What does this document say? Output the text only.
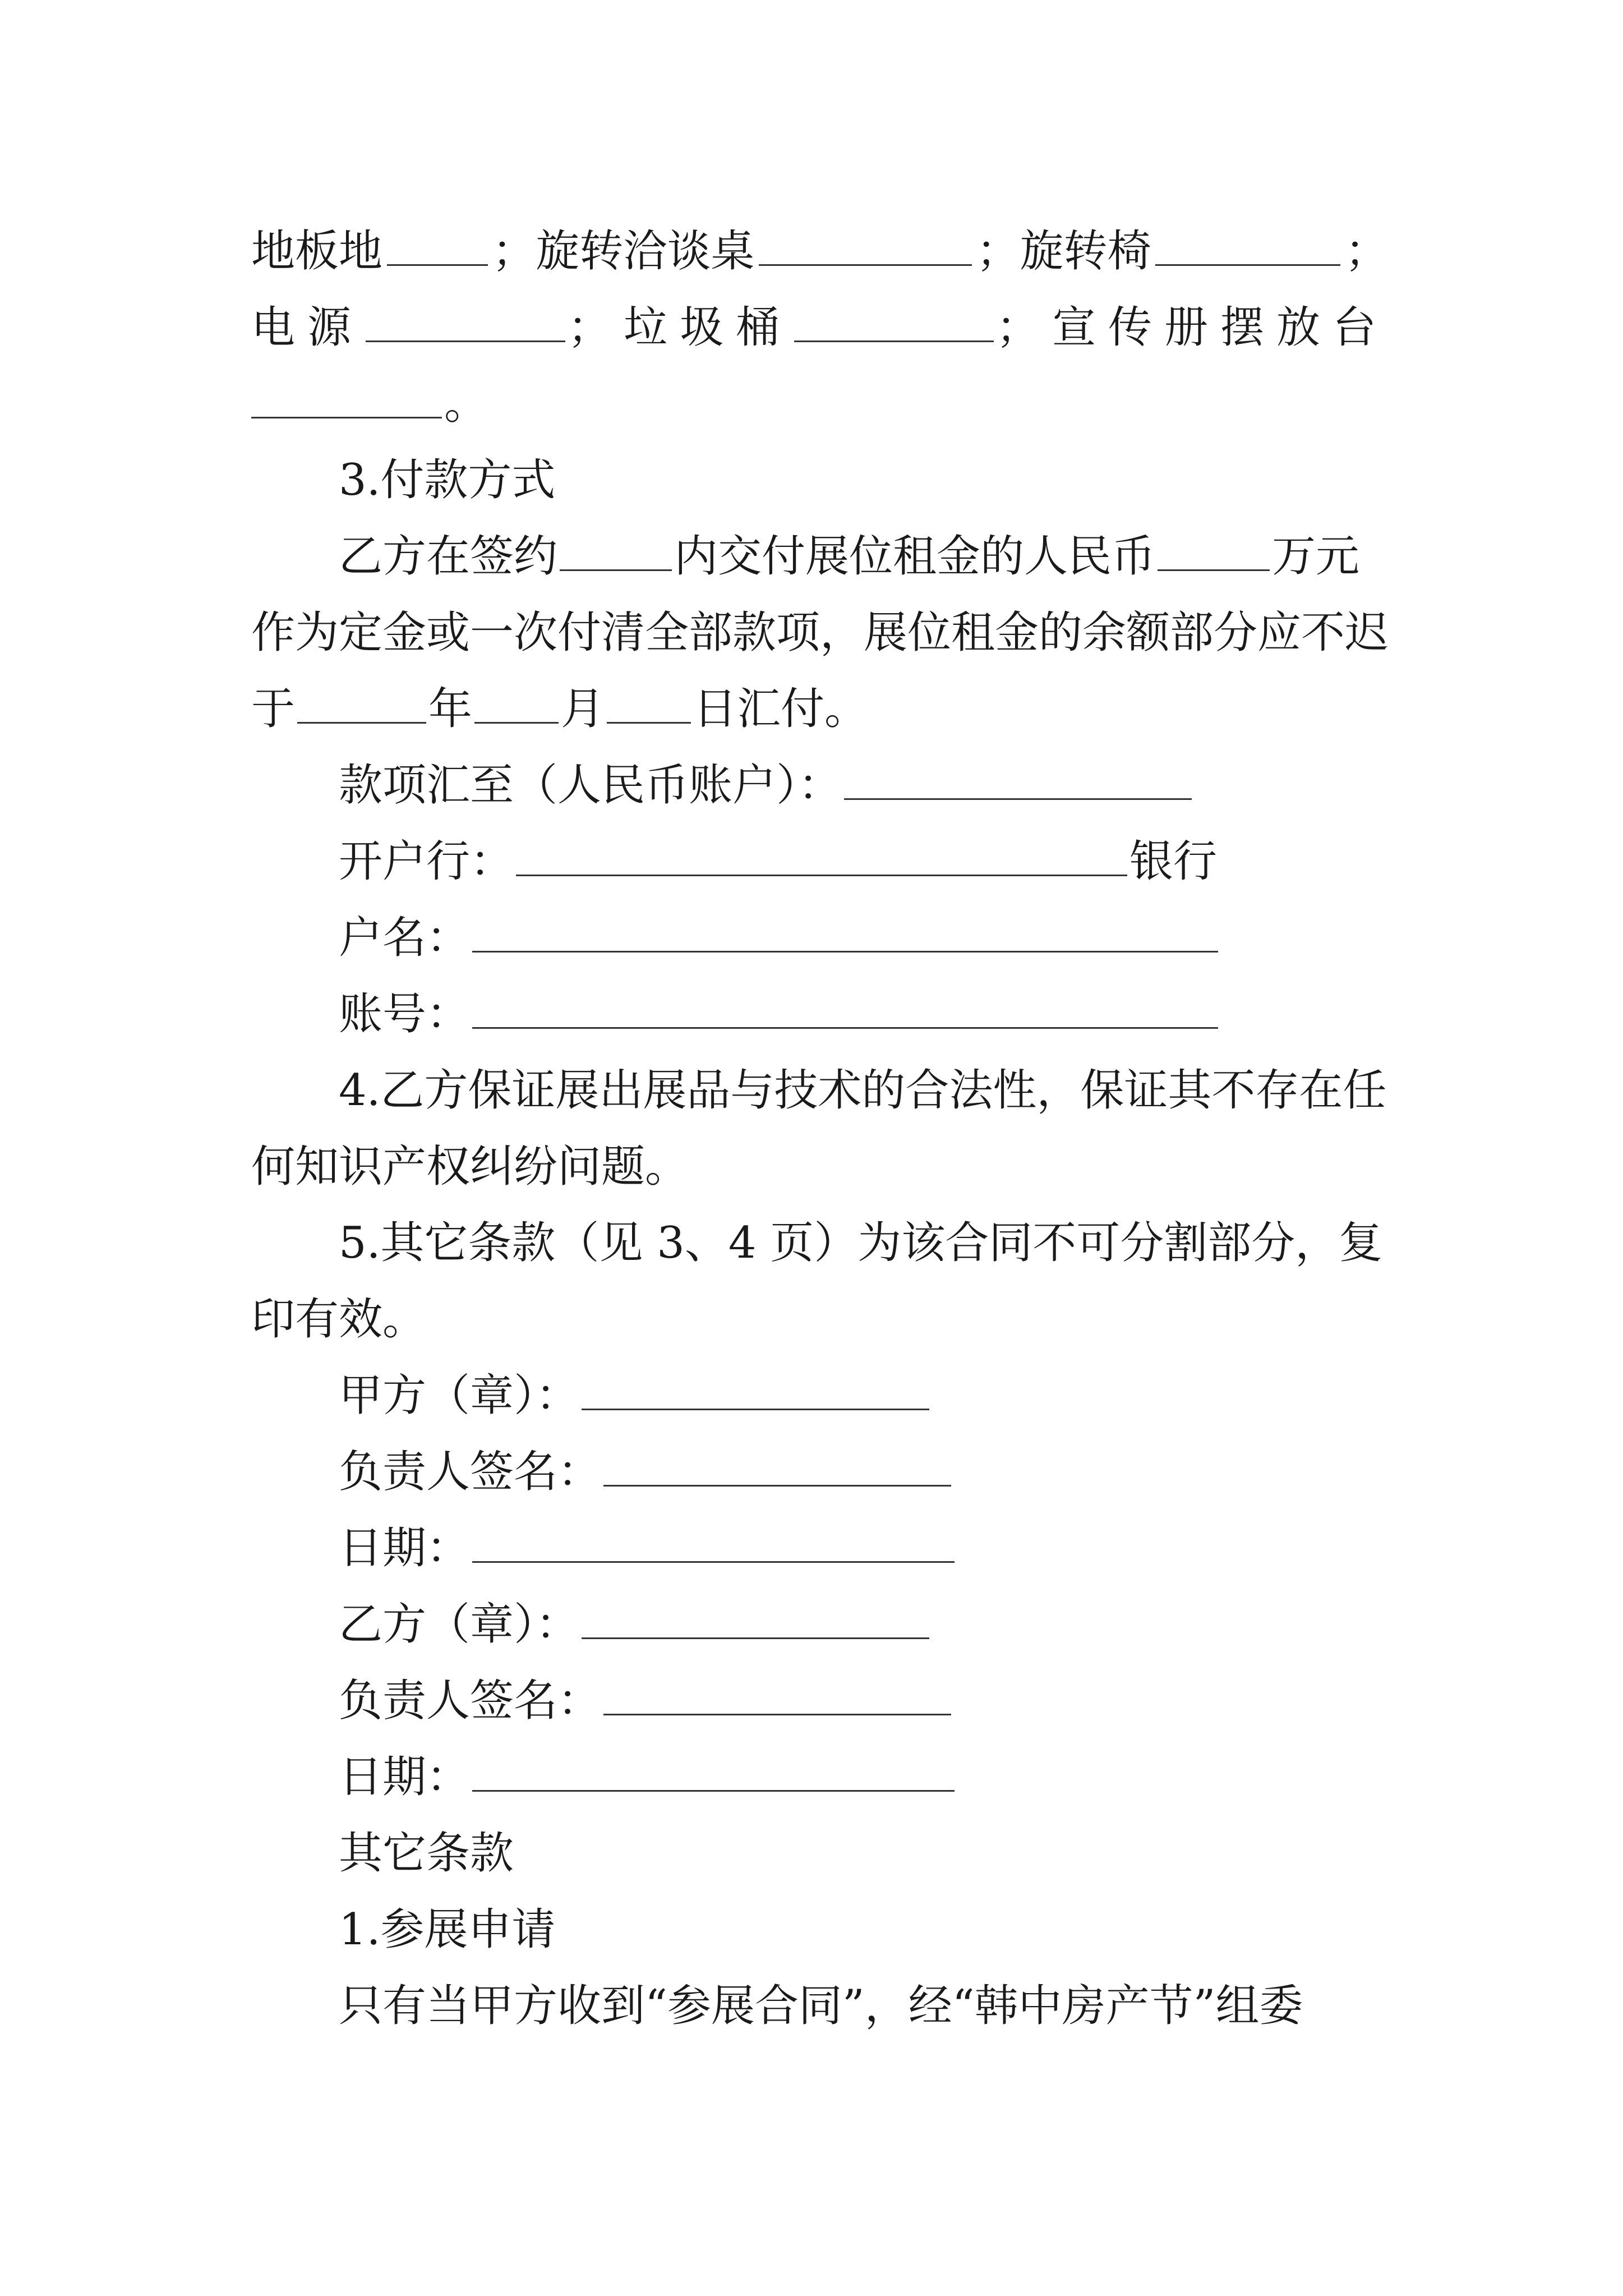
地板地	；旋转洽谈桌	；旋转椅	；
电源	；垃圾桶	；宣传册摆放台
。
3.付款方式
乙方在签约	内交付展位租金的人民币	万元
作为定金或一次付清全部款项，展位租金的余额部分应不迟
于	年 月 日汇付。
款项汇至（人民币账户）：
开户行：	银行
户名：
账号：
4.乙方保证展出展品与技术的合法性，保证其不存在任
何知识产权纠纷问题。
5.其它条款（见 3、4 页）为该合同不可分割部分，复
印有效。
甲方（章）：
负责人签名：
日期：
乙方（章）：
负责人签名：
日期：
其它条款
1.参展申请
只有当甲方收到“参展合同”，经“韩中房产节”组委
